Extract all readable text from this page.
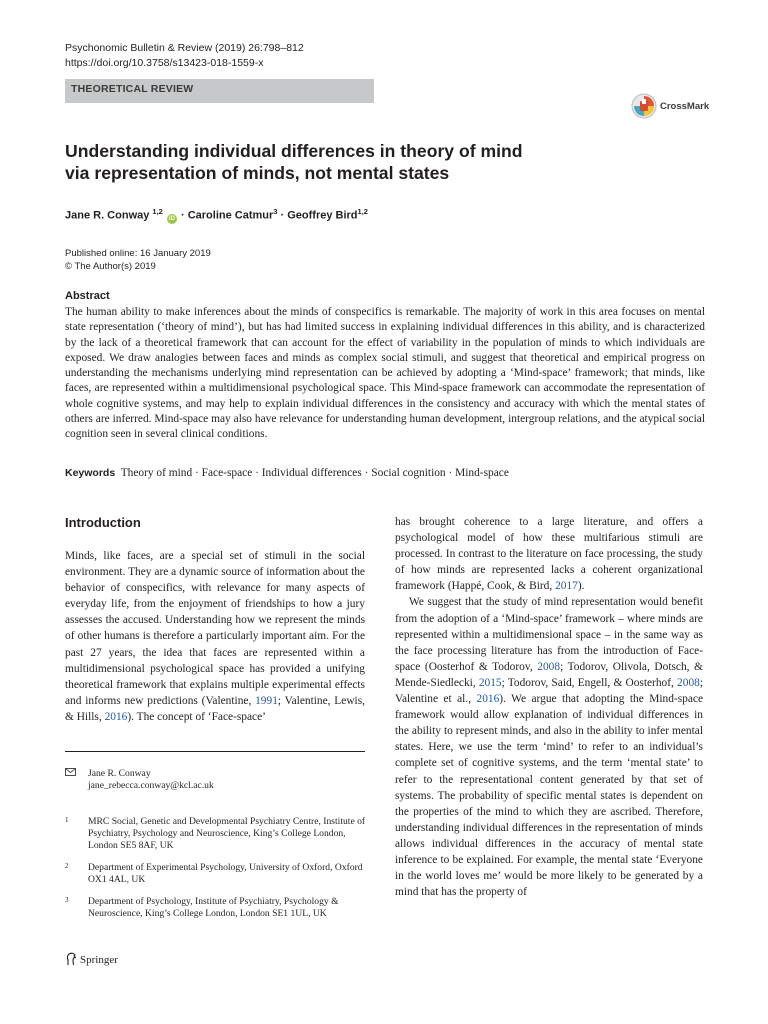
Psychonomic Bulletin & Review (2019) 26:798–812
https://doi.org/10.3758/s13423-018-1559-x
THEORETICAL REVIEW
CrossMark
Understanding individual differences in theory of mind
via representation of minds, not mental states
Jane R. Conway $^{1,2}$ iD · Caroline Catmur$^3$ · Geoffrey Bird$^{1,2}$
Published online: 16 January 2019
© The Author(s) 2019
Abstract

The human ability to make inferences about the minds of conspecifics is remarkable. The majority of work in this area focuses on mental state representation (‘theory of mind’), but has had limited success in explaining individual differences in this ability, and is characterized by the lack of a theoretical framework that can account for the effect of variability in the population of minds to which individuals are exposed. We draw analogies between faces and minds as complex social stimuli, and suggest that theoretical and empirical progress on understanding the mechanisms underlying mind representation can be achieved by adopting a ‘Mind-space’ framework; that minds, like faces, are represented within a multidimensional psychological space. This Mind-space framework can accommodate the representation of whole cognitive systems, and may help to explain individual differences in the consistency and accuracy with which the mental states of others are inferred. Mind-space may also have relevance for understanding human development, intergroup relations, and the atypical social cognition seen in several clinical conditions.

Keywords Theory of mind · Face-space · Individual differences · Social cognition · Mind-space
Introduction

Minds, like faces, are a special set of stimuli in the social environment. They are a dynamic source of information about the behavior of conspecifics, with relevance for many aspects of everyday life, from the enjoyment of friendships to how a jury assesses the accused. Understanding how we represent the minds of other humans is therefore a particularly important aim. For the past 27 years, the idea that faces are represented within a multidimensional psychological space has provided a unifying theoretical framework that explains multiple experimental effects and informs new predictions (Valentine, 1991; Valentine, Lewis, & Hills, 2016). The concept of ‘Face-space’

has brought coherence to a large literature, and offers a psychological model of how these multifarious stimuli are processed. In contrast to the literature on face processing, the study of how minds are represented lacks a coherent organizational framework (Happé, Cook, & Bird, 2017).
We suggest that the study of mind representation would benefit from the adoption of a ‘Mind-space’ framework – where minds are represented within a multidimensional space – in the same way as the face processing literature has from the introduction of Face-space (Oosterhof & Todorov, 2008; Todorov, Olivola, Dotsch, & Mende-Siedlecki, 2015; Todorov, Said, Engell, & Oosterhof, 2008; Valentine et al., 2016). We argue that adopting the Mind-space framework would allow explanation of individual differences in the ability to represent minds, and also in the ability to infer mental states. Here, we use the term ‘mind’ to refer to an individual’s complete set of cognitive systems, and the term ‘mental state’ to refer to the representational content generated by that set of systems. The probability of specific mental states is dependent on the properties of the mind to which they are ascribed. Therefore, understanding individual differences in the representation of minds allows individual differences in the accuracy of mental state inference to be explained. For example, the mental state ‘Everyone in the world loves me’ would be more likely to be generated by a mind that has the property of
Jane R. Conway
jane_rebecca.conway@kcl.ac.uk
1 MRC Social, Genetic and Developmental Psychiatry Centre, Institute of Psychiatry, Psychology and Neuroscience, King’s College London, London SE5 8AF, UK
2 Department of Experimental Psychology, University of Oxford, Oxford OX1 4AL, UK
3 Department of Psychology, Institute of Psychiatry, Psychology & Neuroscience, King’s College London, London SE1 1UL, UK
Springer
